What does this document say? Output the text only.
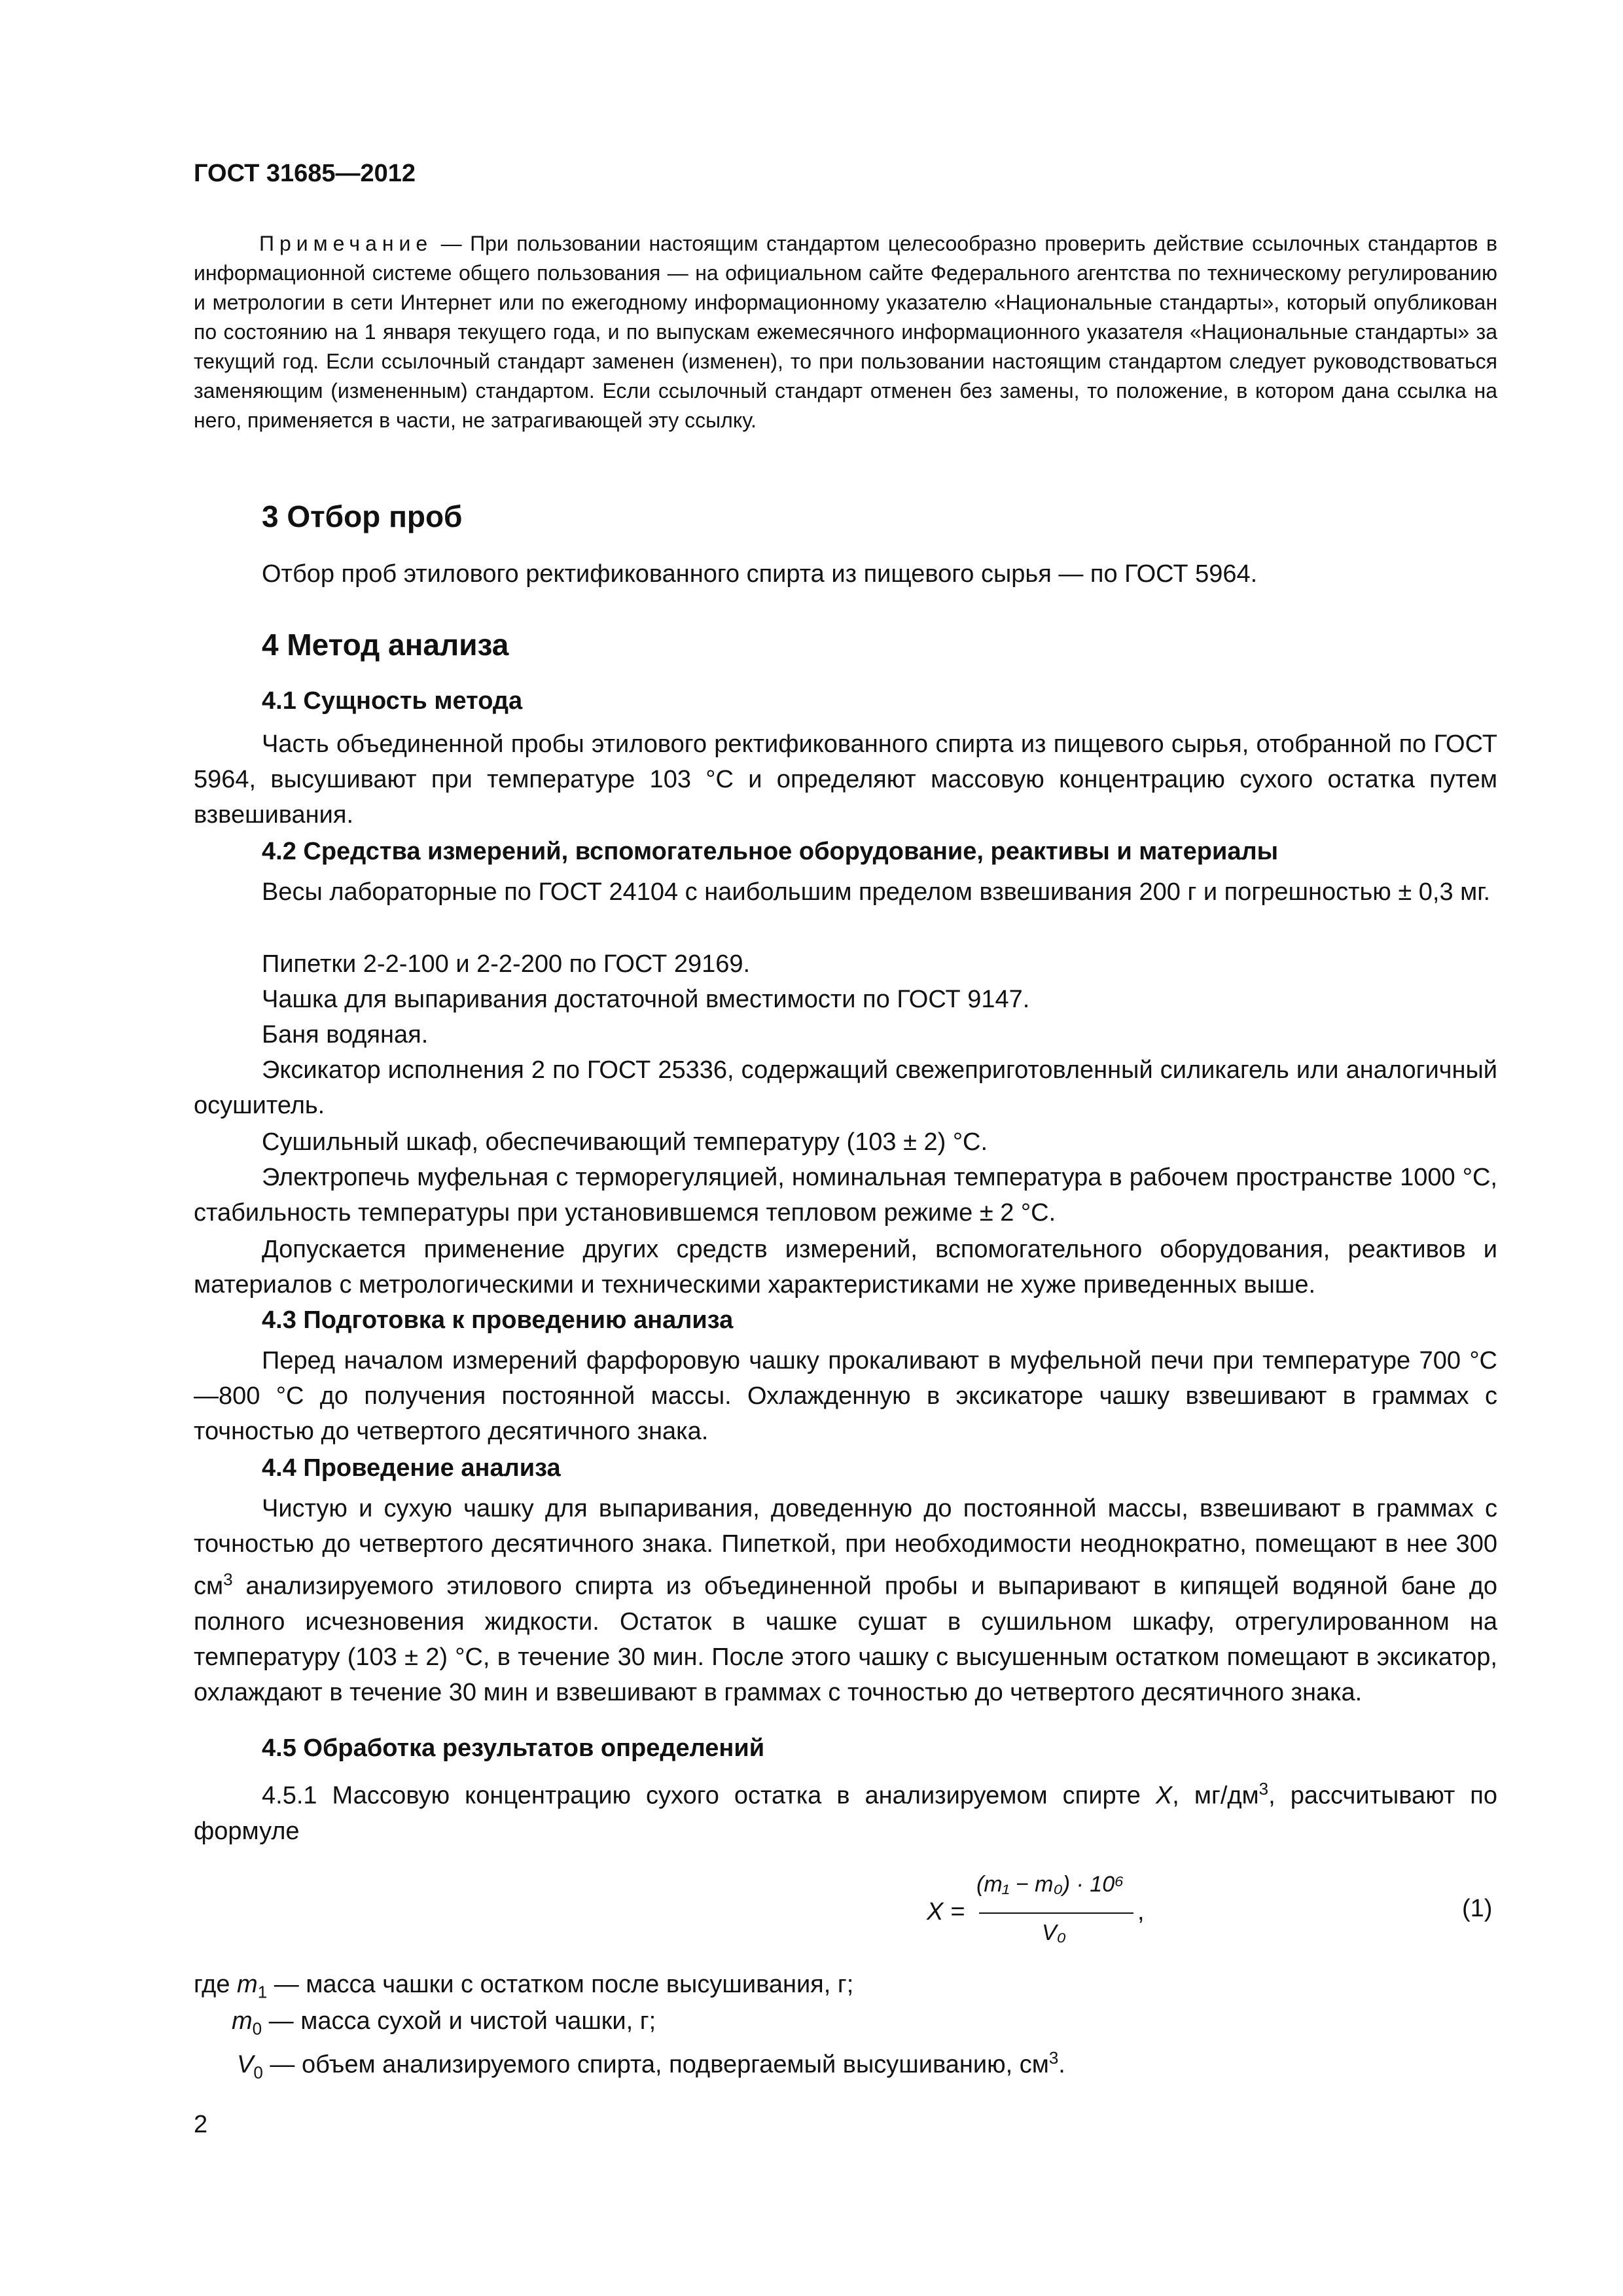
ГОСТ 31685—2012
Примечание — При пользовании настоящим стандартом целесообразно проверить действие ссылочных стандартов в информационной системе общего пользования — на официальном сайте Федерального агентства по техническому регулированию и метрологии в сети Интернет или по ежегодному информационному указателю «Национальные стандарты», который опубликован по состоянию на 1 января текущего года, и по выпускам ежемесячного информационного указателя «Национальные стандарты» за текущий год. Если ссылочный стандарт заменен (изменен), то при пользовании настоящим стандартом следует руководствоваться заменяющим (измененным) стандартом. Если ссылочный стандарт отменен без замены, то положение, в котором дана ссылка на него, применяется в части, не затрагивающей эту ссылку.
3 Отбор проб
Отбор проб этилового ректификованного спирта из пищевого сырья — по ГОСТ 5964.
4 Метод анализа
4.1 Сущность метода
Часть объединенной пробы этилового ректификованного спирта из пищевого сырья, отобранной по ГОСТ 5964, высушивают при температуре 103 °С и определяют массовую концентрацию сухого остатка путем взвешивания.
4.2 Средства измерений, вспомогательное оборудование, реактивы и материалы
Весы лабораторные по ГОСТ 24104 с наибольшим пределом взвешивания 200 г и погрешностью ± 0,3 мг.
Пипетки 2-2-100 и 2-2-200 по ГОСТ 29169.
Чашка для выпаривания достаточной вместимости по ГОСТ 9147.
Баня водяная.
Эксикатор исполнения 2 по ГОСТ 25336, содержащий свежеприготовленный силикагель или аналогичный осушитель.
Сушильный шкаф, обеспечивающий температуру (103 ± 2) °С.
Электропечь муфельная с терморегуляцией, номинальная температура в рабочем пространстве 1000 °С, стабильность температуры при установившемся тепловом режиме ± 2 °С.
Допускается применение других средств измерений, вспомогательного оборудования, реактивов и материалов с метрологическими и техническими характеристиками не хуже приведенных выше.
4.3 Подготовка к проведению анализа
Перед началом измерений фарфоровую чашку прокаливают в муфельной печи при температуре 700 °С—800 °С до получения постоянной массы. Охлажденную в эксикаторе чашку взвешивают в граммах с точностью до четвертого десятичного знака.
4.4 Проведение анализа
Чистую и сухую чашку для выпаривания, доведенную до постоянной массы, взвешивают в граммах с точностью до четвертого десятичного знака. Пипеткой, при необходимости неоднократно, помещают в нее 300 $см^3$ анализируемого этилового спирта из объединенной пробы и выпаривают в кипящей водяной бане до полного исчезновения жидкости. Остаток в чашке сушат в сушильном шкафу, отрегулированном на температуру (103 ± 2) °С, в течение 30 мин. После этого чашку с высушенным остатком помещают в эксикатор, охлаждают в течение 30 мин и взвешивают в граммах с точностью до четвертого десятичного знака.
4.5 Обработка результатов определений
4.5.1 Массовую концентрацию сухого остатка в анализируемом спирте X, $мг/дм^3$, рассчитывают по формуле
X =
(m₁ − m₀) · 10⁶
V₀
,	(1)
где $m_1$ — масса чашки с остатком после высушивания, г;
$m_0$ — масса сухой и чистой чашки, г;
$V_0$ — объем анализируемого спирта, подвергаемый высушиванию, $см^3$.
2
